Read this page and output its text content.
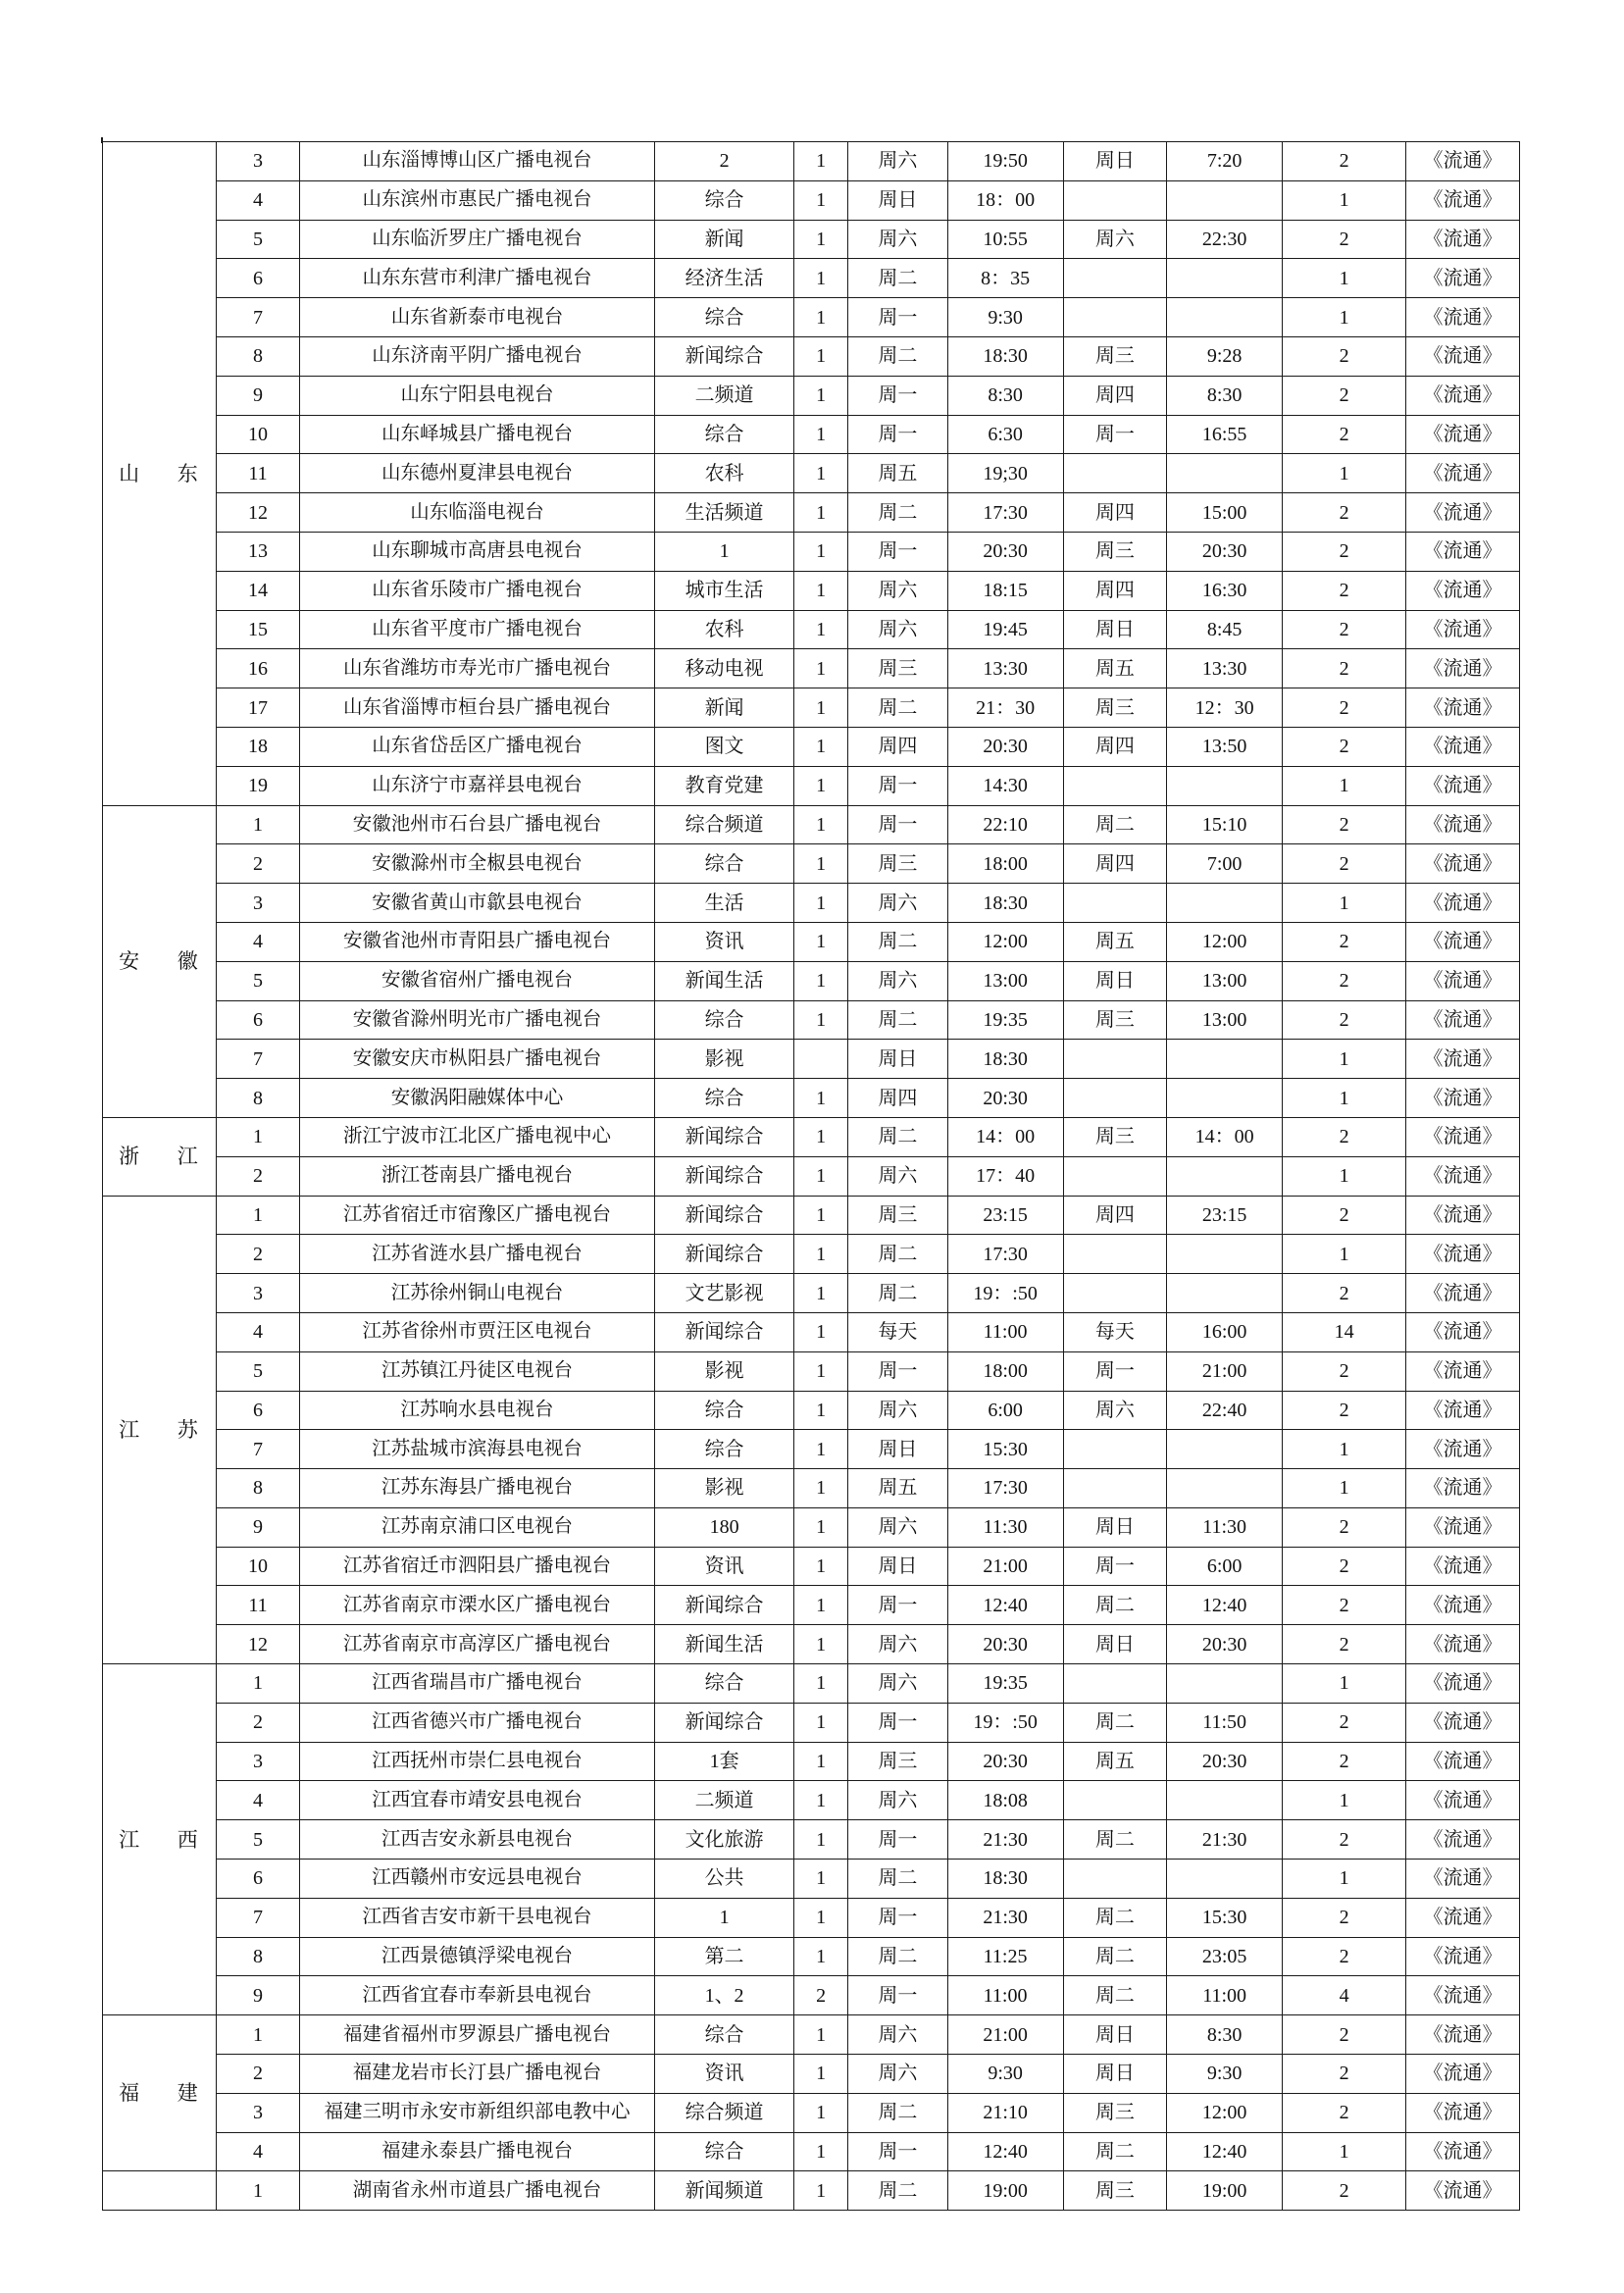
山 东	3	山东淄博博山区广播电视台	2	1	周六	19:50	周日	7:20	2	《流通》
	4	山东滨州市惠民广播电视台	综合	1	周日	18：00			1	《流通》
	5	山东临沂罗庄广播电视台	新闻	1	周六	10:55	周六	22:30	2	《流通》
	6	山东东营市利津广播电视台	经济生活	1	周二	8：35			1	《流通》
	7	山东省新泰市电视台	综合	1	周一	9:30			1	《流通》
	8	山东济南平阴广播电视台	新闻综合	1	周二	18:30	周三	9:28	2	《流通》
	9	山东宁阳县电视台	二频道	1	周一	8:30	周四	8:30	2	《流通》
	10	山东峄城县广播电视台	综合	1	周一	6:30	周一	16:55	2	《流通》
	11	山东德州夏津县电视台	农科	1	周五	19;30			1	《流通》
	12	山东临淄电视台	生活频道	1	周二	17:30	周四	15:00	2	《流通》
	13	山东聊城市高唐县电视台	1	1	周一	20:30	周三	20:30	2	《流通》
	14	山东省乐陵市广播电视台	城市生活	1	周六	18:15	周四	16:30	2	《流通》
	15	山东省平度市广播电视台	农科	1	周六	19:45	周日	8:45	2	《流通》
	16	山东省潍坊市寿光市广播电视台	移动电视	1	周三	13:30	周五	13:30	2	《流通》
	17	山东省淄博市桓台县广播电视台	新闻	1	周二	21：30	周三	12：30	2	《流通》
	18	山东省岱岳区广播电视台	图文	1	周四	20:30	周四	13:50	2	《流通》
	19	山东济宁市嘉祥县电视台	教育党建	1	周一	14:30			1	《流通》
安 徽	1	安徽池州市石台县广播电视台	综合频道	1	周一	22:10	周二	15:10	2	《流通》
	2	安徽滁州市全椒县电视台	综合	1	周三	18:00	周四	7:00	2	《流通》
	3	安徽省黄山市歙县电视台	生活	1	周六	18:30			1	《流通》
	4	安徽省池州市青阳县广播电视台	资讯	1	周二	12:00	周五	12:00	2	《流通》
	5	安徽省宿州广播电视台	新闻生活	1	周六	13:00	周日	13:00	2	《流通》
	6	安徽省滁州明光市广播电视台	综合	1	周二	19:35	周三	13:00	2	《流通》
	7	安徽安庆市枞阳县广播电视台	影视		周日	18:30			1	《流通》
	8	安徽涡阳融媒体中心	综合	1	周四	20:30			1	《流通》
浙 江	1	浙江宁波市江北区广播电视中心	新闻综合	1	周二	14：00	周三	14：00	2	《流通》
	2	浙江苍南县广播电视台	新闻综合	1	周六	17：40			1	《流通》
江 苏	1	江苏省宿迁市宿豫区广播电视台	新闻综合	1	周三	23:15	周四	23:15	2	《流通》
	2	江苏省涟水县广播电视台	新闻综合	1	周二	17:30			1	《流通》
	3	江苏徐州铜山电视台	文艺影视	1	周二	19：:50			2	《流通》
	4	江苏省徐州市贾汪区电视台	新闻综合	1	每天	11:00	每天	16:00	14	《流通》
	5	江苏镇江丹徒区电视台	影视	1	周一	18:00	周一	21:00	2	《流通》
	6	江苏响水县电视台	综合	1	周六	6:00	周六	22:40	2	《流通》
	7	江苏盐城市滨海县电视台	综合	1	周日	15:30			1	《流通》
	8	江苏东海县广播电视台	影视	1	周五	17:30			1	《流通》
	9	江苏南京浦口区电视台	180	1	周六	11:30	周日	11:30	2	《流通》
	10	江苏省宿迁市泗阳县广播电视台	资讯	1	周日	21:00	周一	6:00	2	《流通》
	11	江苏省南京市溧水区广播电视台	新闻综合	1	周一	12:40	周二	12:40	2	《流通》
	12	江苏省南京市高淳区广播电视台	新闻生活	1	周六	20:30	周日	20:30	2	《流通》
江 西	1	江西省瑞昌市广播电视台	综合	1	周六	19:35			1	《流通》
	2	江西省德兴市广播电视台	新闻综合	1	周一	19：:50	周二	11:50	2	《流通》
	3	江西抚州市崇仁县电视台	1套	1	周三	20:30	周五	20:30	2	《流通》
	4	江西宜春市靖安县电视台	二频道	1	周六	18:08			1	《流通》
	5	江西吉安永新县电视台	文化旅游	1	周一	21:30	周二	21:30	2	《流通》
	6	江西赣州市安远县电视台	公共	1	周二	18:30			1	《流通》
	7	江西省吉安市新干县电视台	1	1	周一	21:30	周二	15:30	2	《流通》
	8	江西景德镇浮梁电视台	第二	1	周二	11:25	周二	23:05	2	《流通》
	9	江西省宜春市奉新县电视台	1、2	2	周一	11:00	周二	11:00	4	《流通》
福 建	1	福建省福州市罗源县广播电视台	综合	1	周六	21:00	周日	8:30	2	《流通》
	2	福建龙岩市长汀县广播电视台	资讯	1	周六	9:30	周日	9:30	2	《流通》
	3	福建三明市永安市新组织部电教中心	综合频道	1	周二	21:10	周三	12:00	2	《流通》
	4	福建永泰县广播电视台	综合	1	周一	12:40	周二	12:40	1	《流通》
	1	湖南省永州市道县广播电视台	新闻频道	1	周二	19:00	周三	19:00	2	《流通》
